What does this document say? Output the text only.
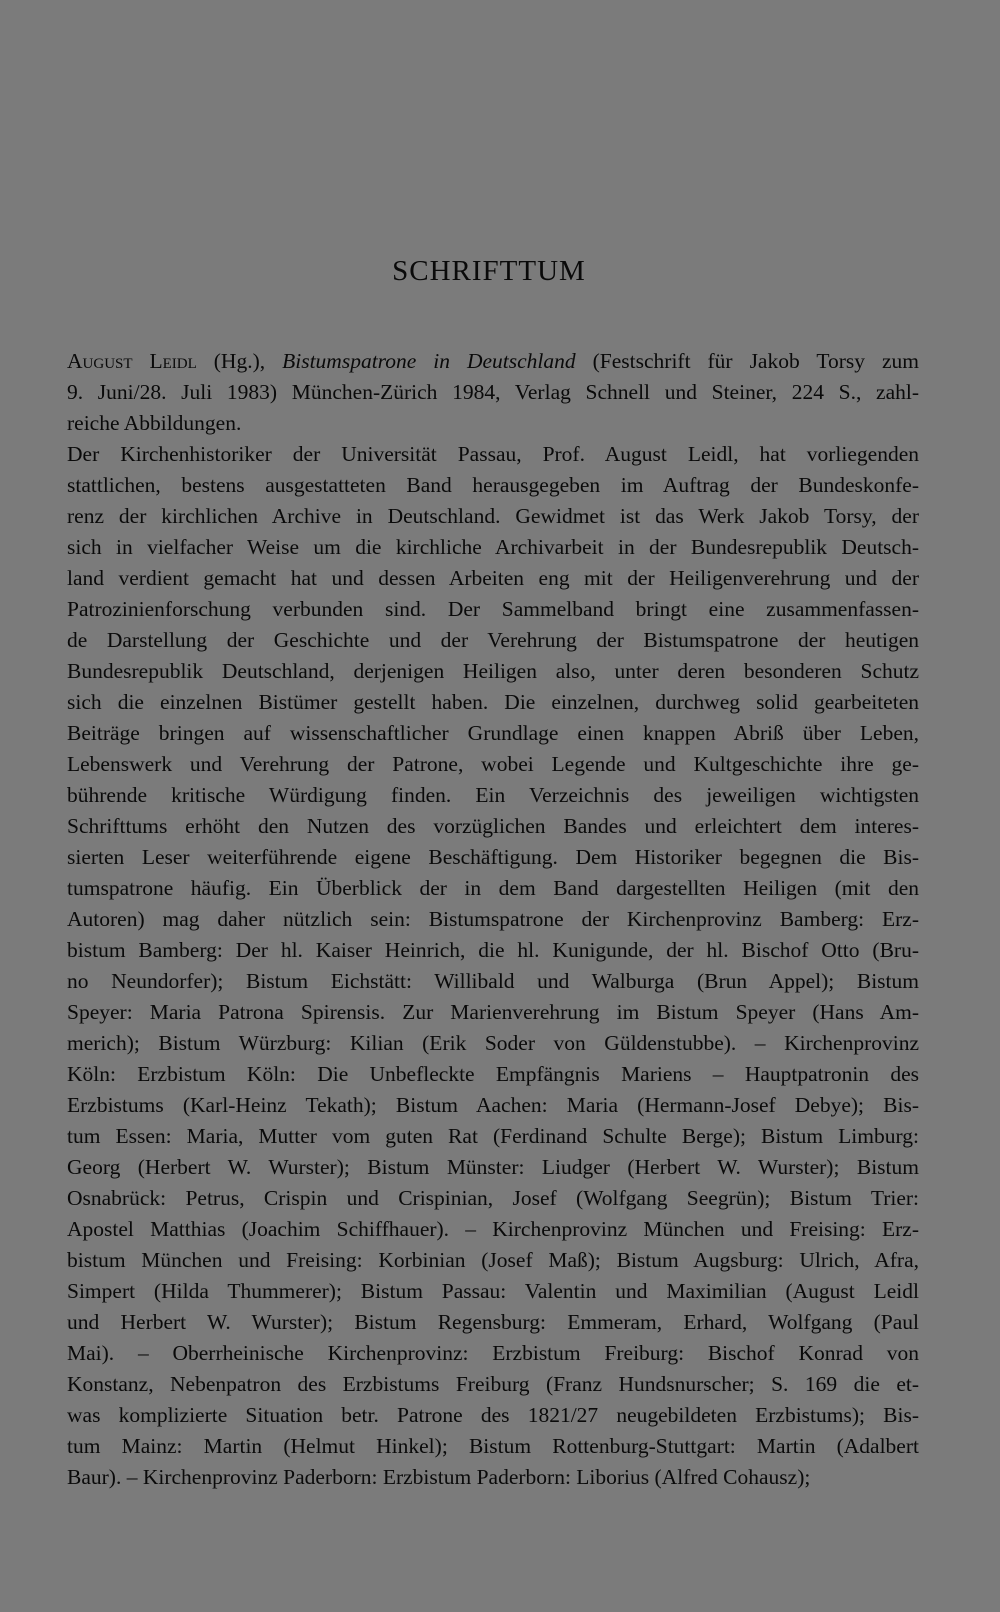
SCHRIFTTUM
August Leidl (Hg.), Bistumspatrone in Deutschland (Festschrift für Jakob Torsy zum
9. Juni/28. Juli 1983) München-Zürich 1984, Verlag Schnell und Steiner, 224 S., zahl-
reiche Abbildungen.
Der Kirchenhistoriker der Universität Passau, Prof. August Leidl, hat vorliegenden
stattlichen, bestens ausgestatteten Band herausgegeben im Auftrag der Bundeskonfe-
renz der kirchlichen Archive in Deutschland. Gewidmet ist das Werk Jakob Torsy, der
sich in vielfacher Weise um die kirchliche Archivarbeit in der Bundesrepublik Deutsch-
land verdient gemacht hat und dessen Arbeiten eng mit der Heiligenverehrung und der
Patrozinienforschung verbunden sind. Der Sammelband bringt eine zusammenfassen-
de Darstellung der Geschichte und der Verehrung der Bistumspatrone der heutigen
Bundesrepublik Deutschland, derjenigen Heiligen also, unter deren besonderen Schutz
sich die einzelnen Bistümer gestellt haben. Die einzelnen, durchweg solid gearbeiteten
Beiträge bringen auf wissenschaftlicher Grundlage einen knappen Abriß über Leben,
Lebenswerk und Verehrung der Patrone, wobei Legende und Kultgeschichte ihre ge-
bührende kritische Würdigung finden. Ein Verzeichnis des jeweiligen wichtigsten
Schrifttums erhöht den Nutzen des vorzüglichen Bandes und erleichtert dem interes-
sierten Leser weiterführende eigene Beschäftigung. Dem Historiker begegnen die Bis-
tumspatrone häufig. Ein Überblick der in dem Band dargestellten Heiligen (mit den
Autoren) mag daher nützlich sein: Bistumspatrone der Kirchenprovinz Bamberg: Erz-
bistum Bamberg: Der hl. Kaiser Heinrich, die hl. Kunigunde, der hl. Bischof Otto (Bru-
no Neundorfer); Bistum Eichstätt: Willibald und Walburga (Brun Appel); Bistum
Speyer: Maria Patrona Spirensis. Zur Marienverehrung im Bistum Speyer (Hans Am-
merich); Bistum Würzburg: Kilian (Erik Soder von Güldenstubbe). – Kirchenprovinz
Köln: Erzbistum Köln: Die Unbefleckte Empfängnis Mariens – Hauptpatronin des
Erzbistums (Karl-Heinz Tekath); Bistum Aachen: Maria (Hermann-Josef Debye); Bis-
tum Essen: Maria, Mutter vom guten Rat (Ferdinand Schulte Berge); Bistum Limburg:
Georg (Herbert W. Wurster); Bistum Münster: Liudger (Herbert W. Wurster); Bistum
Osnabrück: Petrus, Crispin und Crispinian, Josef (Wolfgang Seegrün); Bistum Trier:
Apostel Matthias (Joachim Schiffhauer). – Kirchenprovinz München und Freising: Erz-
bistum München und Freising: Korbinian (Josef Maß); Bistum Augsburg: Ulrich, Afra,
Simpert (Hilda Thummerer); Bistum Passau: Valentin und Maximilian (August Leidl
und Herbert W. Wurster); Bistum Regensburg: Emmeram, Erhard, Wolfgang (Paul
Mai). – Oberrheinische Kirchenprovinz: Erzbistum Freiburg: Bischof Konrad von
Konstanz, Nebenpatron des Erzbistums Freiburg (Franz Hundsnurscher; S. 169 die et-
was komplizierte Situation betr. Patrone des 1821/27 neugebildeten Erzbistums); Bis-
tum Mainz: Martin (Helmut Hinkel); Bistum Rottenburg-Stuttgart: Martin (Adalbert
Baur). – Kirchenprovinz Paderborn: Erzbistum Paderborn: Liborius (Alfred Cohausz);
